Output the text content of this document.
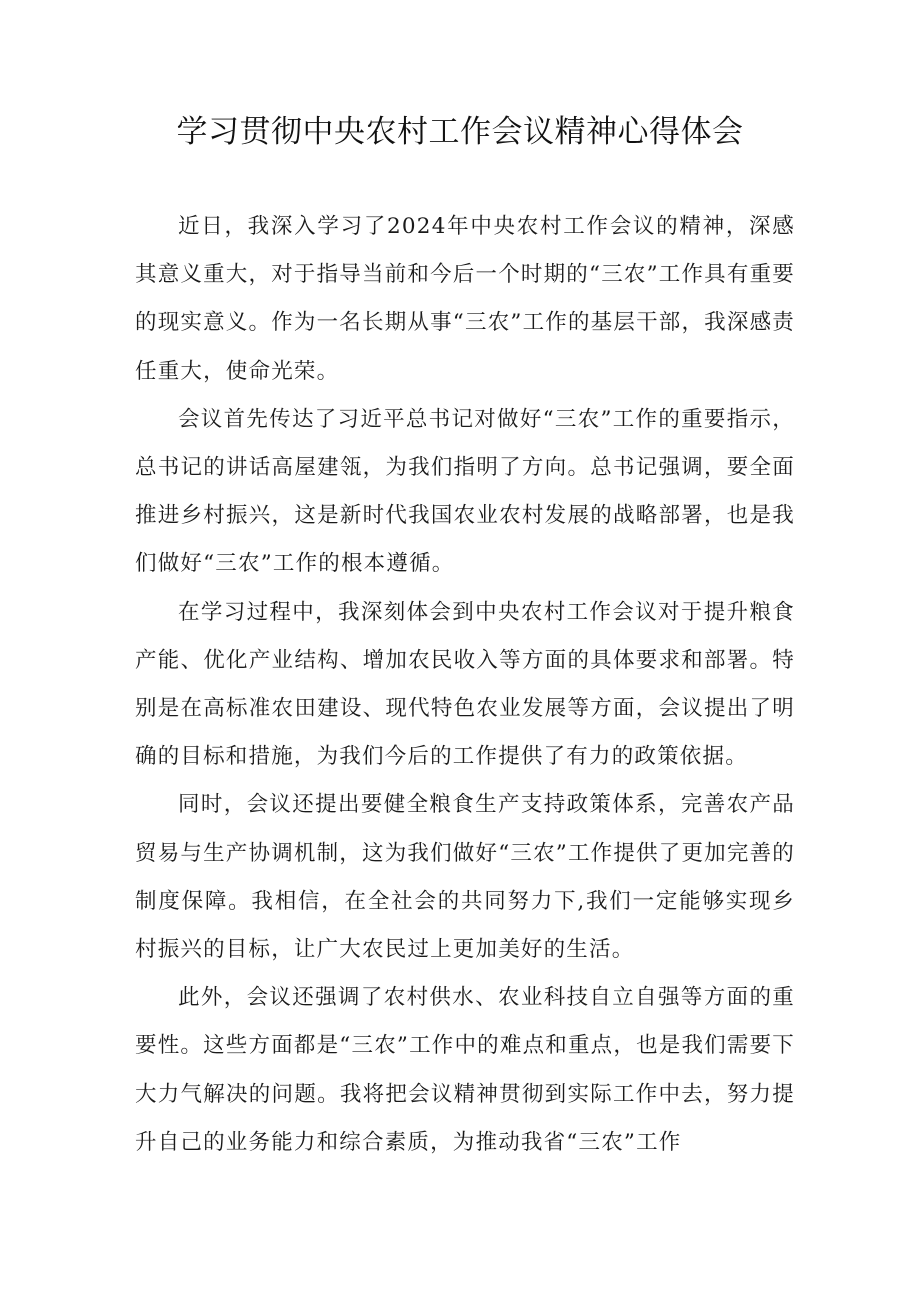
学习贯彻中央农村工作会议精神心得体会

近日，我深入学习了2024年中央农村工作会议的精神，深感其意义重大，对于指导当前和今后一个时期的“三农”工作具有重要的现实意义。作为一名长期从事“三农”工作的基层干部，我深感责任重大，使命光荣。

会议首先传达了习近平总书记对做好“三农”工作的重要指示，总书记的讲话高屋建瓴，为我们指明了方向。总书记强调，要全面推进乡村振兴，这是新时代我国农业农村发展的战略部署，也是我们做好“三农”工作的根本遵循。

在学习过程中，我深刻体会到中央农村工作会议对于提升粮食产能、优化产业结构、增加农民收入等方面的具体要求和部署。特别是在高标准农田建设、现代特色农业发展等方面，会议提出了明确的目标和措施，为我们今后的工作提供了有力的政策依据。

同时，会议还提出要健全粮食生产支持政策体系，完善农产品贸易与生产协调机制，这为我们做好“三农”工作提供了更加完善的制度保障。我相信，在全社会的共同努力下,我们一定能够实现乡村振兴的目标，让广大农民过上更加美好的生活。

此外，会议还强调了农村供水、农业科技自立自强等方面的重要性。这些方面都是“三农”工作中的难点和重点，也是我们需要下大力气解决的问题。我将把会议精神贯彻到实际工作中去，努力提升自己的业务能力和综合素质，为推动我省“三农”工作
